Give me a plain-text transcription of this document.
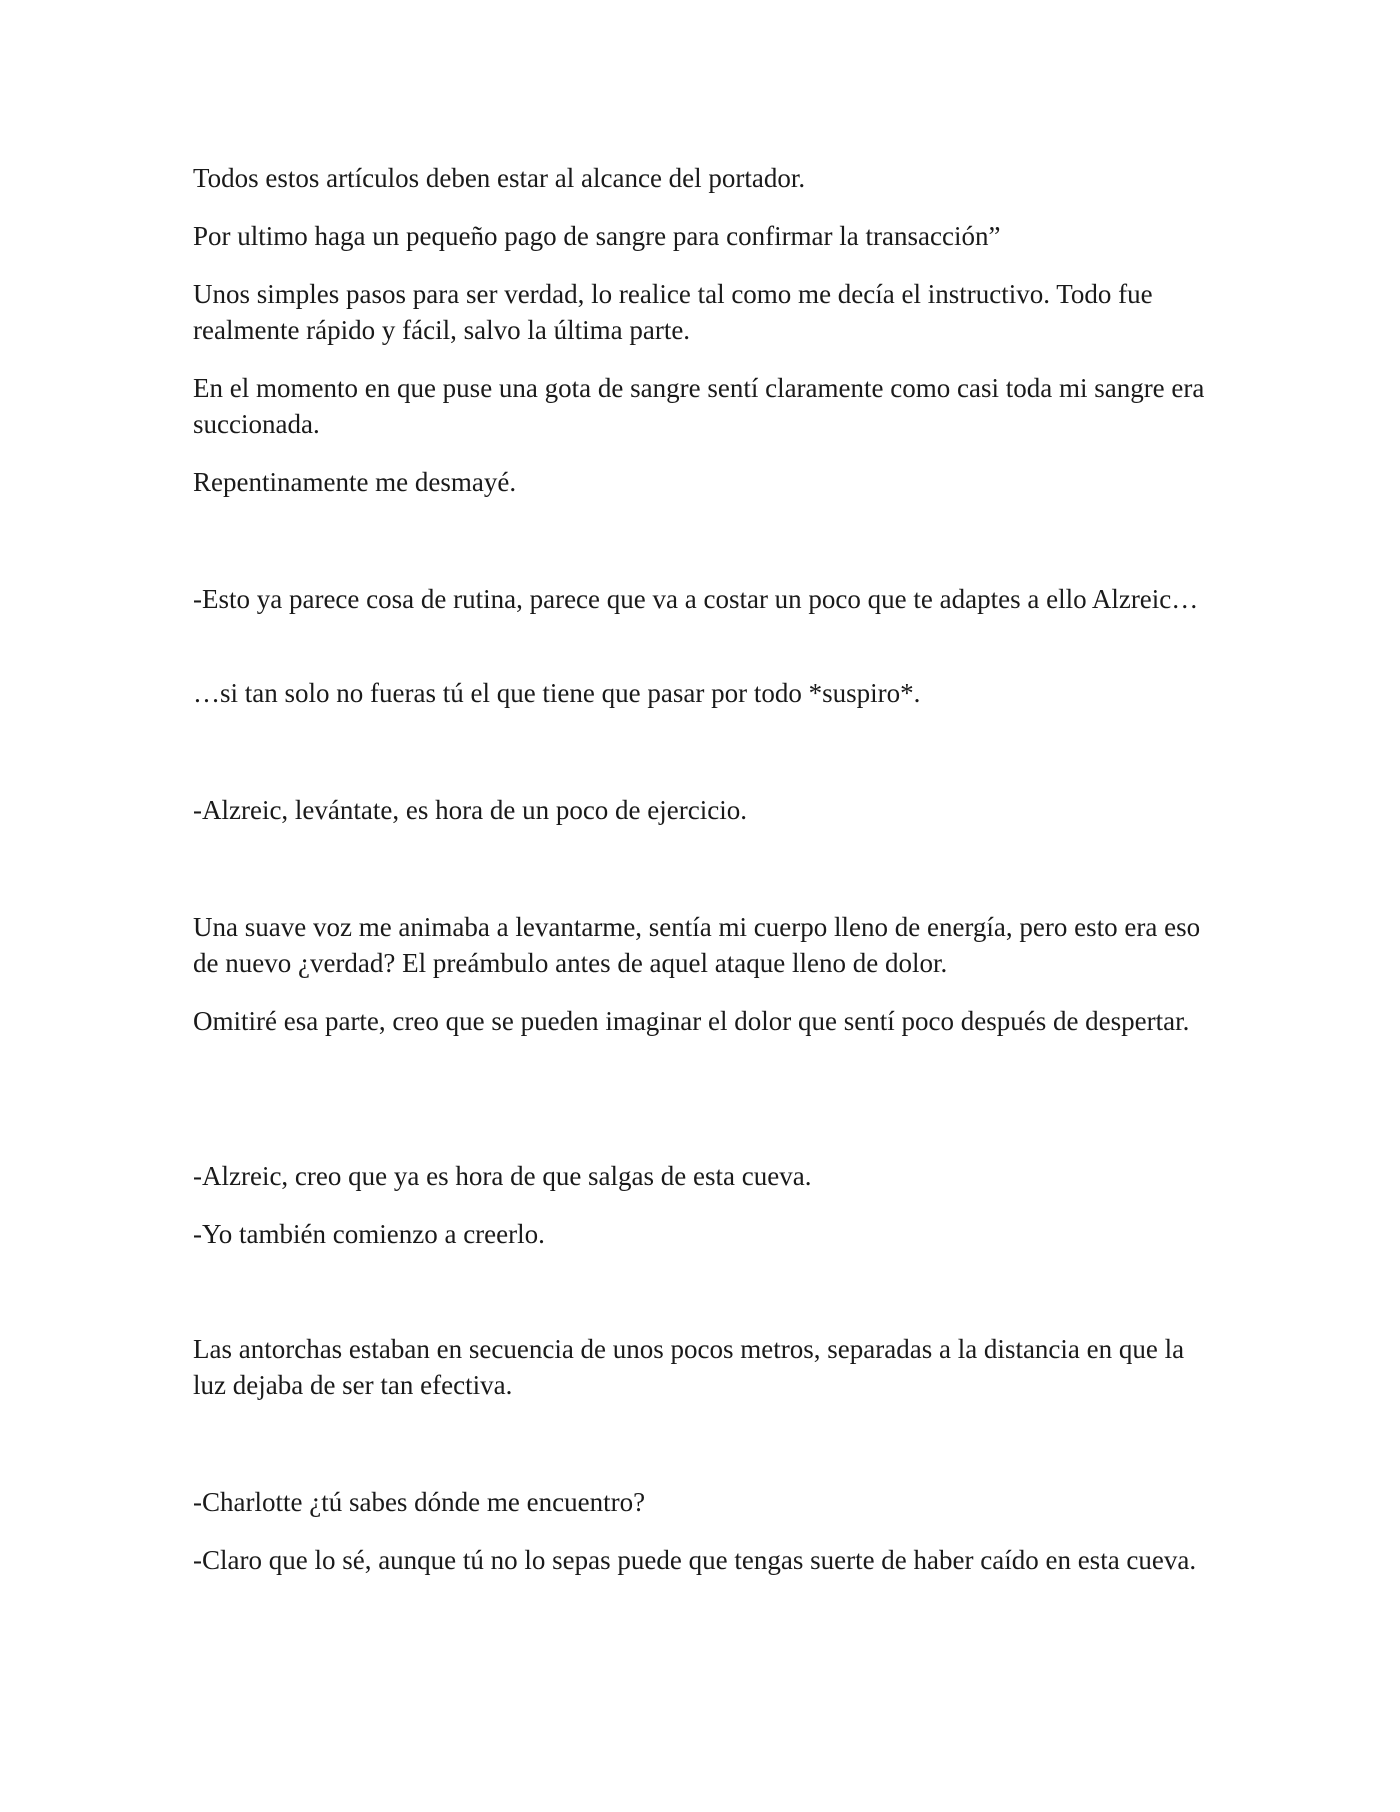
Todos estos artículos deben estar al alcance del portador.

Por ultimo haga un pequeño pago de sangre para confirmar la transacción”

Unos simples pasos para ser verdad, lo realice tal como me decía el instructivo. Todo fue realmente rápido y fácil, salvo la última parte.

En el momento en que puse una gota de sangre sentí claramente como casi toda mi sangre era succionada.

Repentinamente me desmayé.

-Esto ya parece cosa de rutina, parece que va a costar un poco que te adaptes a ello Alzreic…

…si tan solo no fueras tú el que tiene que pasar por todo *suspiro*.

-Alzreic, levántate, es hora de un poco de ejercicio.

Una suave voz me animaba a levantarme, sentía mi cuerpo lleno de energía, pero esto era eso de nuevo ¿verdad? El preámbulo antes de aquel ataque lleno de dolor.

Omitiré esa parte, creo que se pueden imaginar el dolor que sentí poco después de despertar.

-Alzreic, creo que ya es hora de que salgas de esta cueva.

-Yo también comienzo a creerlo.

Las antorchas estaban en secuencia de unos pocos metros, separadas a la distancia en que la luz dejaba de ser tan efectiva.

-Charlotte ¿tú sabes dónde me encuentro?

-Claro que lo sé, aunque tú no lo sepas puede que tengas suerte de haber caído en esta cueva.
